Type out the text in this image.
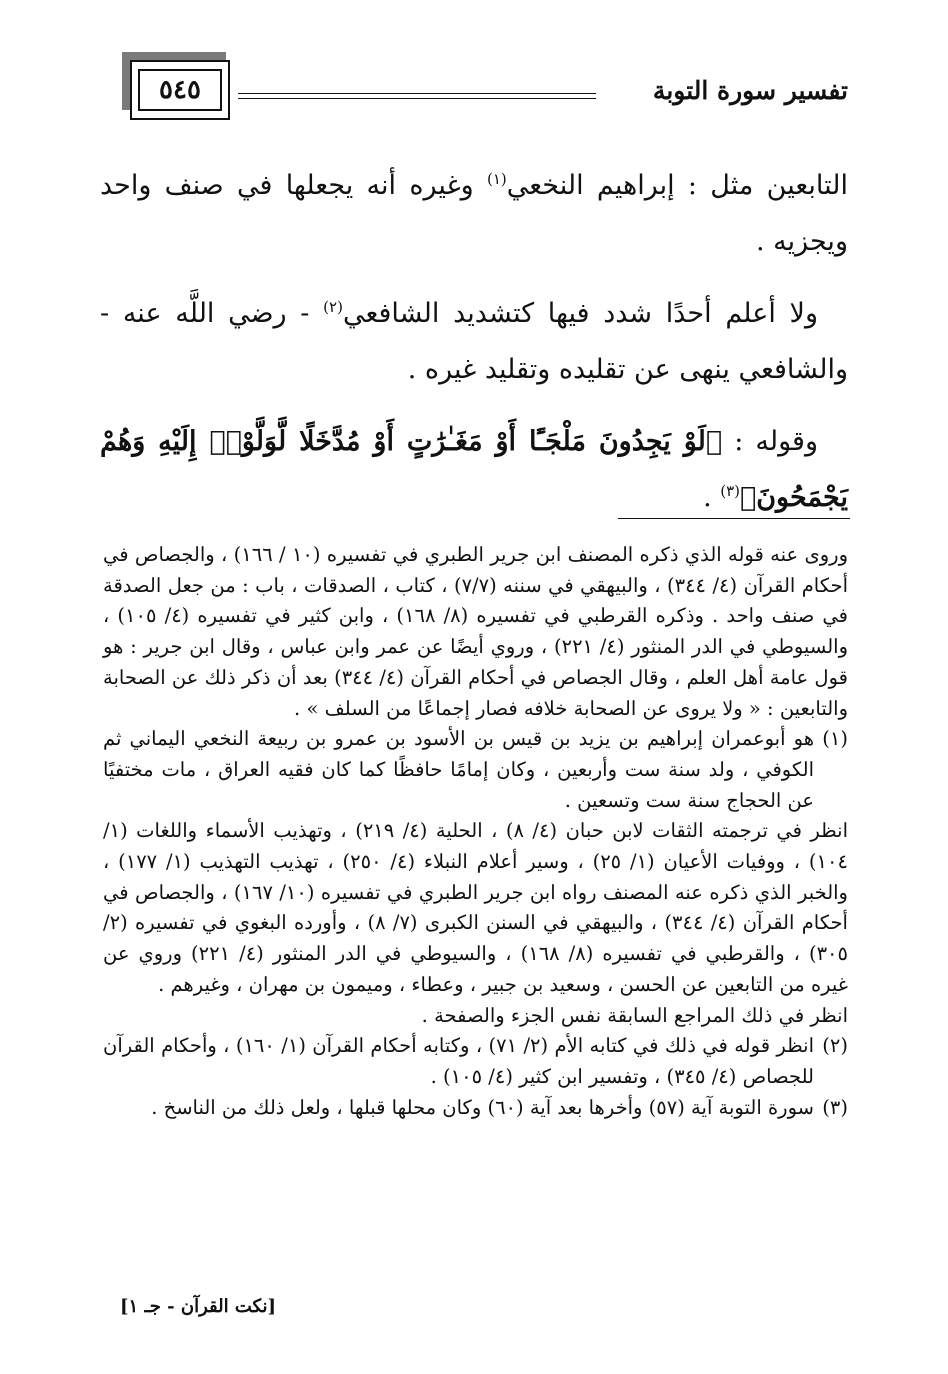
٥٤٥	تفسير سورة التوبة

التابعين مثل : إبراهيم النخعي$^{(١)}$ وغيره أنه يجعلها في صنف واحد ويجزيه .

ولا أعلم أحدًا شدد فيها كتشديد الشافعي$^{(٢)}$ - رضي اللَّه عنه - والشافعي ينهى عن تقليده وتقليد غيره .

وقوله : ﴿لَوْ يَجِدُونَ مَلْجَـًٔا أَوْ مَغَـٰرَٰتٍ أَوْ مُدَّخَلًا لَّوَلَّوْا۟ إِلَيْهِ وَهُمْ يَجْمَحُونَ﴾$^{(٣)}$ .

وروى عنه قوله الذي ذكره المصنف ابن جرير الطبري في تفسيره (١٠ / ١٦٦) ، والجصاص في أحكام القرآن (٤/ ٣٤٤) ، والبيهقي في سننه (٧/٧) ، كتاب ، الصدقات ، باب : من جعل الصدقة في صنف واحد . وذكره القرطبي في تفسيره (٨/ ١٦٨) ، وابن كثير في تفسيره (٤/ ١٠٥) ، والسيوطي في الدر المنثور (٤/ ٢٢١) ، وروي أيضًا عن عمر وابن عباس ، وقال ابن جرير : هو قول عامة أهل العلم ، وقال الجصاص في أحكام القرآن (٤/ ٣٤٤) بعد أن ذكر ذلك عن الصحابة والتابعين : « ولا يروى عن الصحابة خلافه فصار إجماعًا من السلف » .

(١)

هو أبوعمران إبراهيم بن يزيد بن قيس بن الأسود بن عمرو بن ربيعة النخعي اليماني ثم الكوفي ، ولد سنة ست وأربعين ، وكان إمامًا حافظًا كما كان فقيه العراق ، مات مختفيًا عن الحجاج سنة ست وتسعين .

انظر في ترجمته الثقات لابن حبان (٤/ ٨) ، الحلية (٤/ ٢١٩) ، وتهذيب الأسماء واللغات (١/ ١٠٤) ، ووفيات الأعيان (١/ ٢٥) ، وسير أعلام النبلاء (٤/ ٢٥٠) ، تهذيب التهذيب (١/ ١٧٧) ، والخبر الذي ذكره عنه المصنف رواه ابن جرير الطبري في تفسيره (١٠/ ١٦٧) ، والجصاص في أحكام القرآن (٤/ ٣٤٤) ، والبيهقي في السنن الكبرى (٧/ ٨) ، وأورده البغوي في تفسيره (٢/ ٣٠٥) ، والقرطبي في تفسيره (٨/ ١٦٨) ، والسيوطي في الدر المنثور (٤/ ٢٢١) وروي عن غيره من التابعين عن الحسن ، وسعيد بن جبير ، وعطاء ، وميمون بن مهران ، وغيرهم .

انظر في ذلك المراجع السابقة نفس الجزء والصفحة .

(٢)

انظر قوله في ذلك في كتابه الأم (٢/ ٧١) ، وكتابه أحكام القرآن (١/ ١٦٠) ، وأحكام القرآن للجصاص (٤/ ٣٤٥) ، وتفسير ابن كثير (٤/ ١٠٥) .

(٣)

سورة التوبة آية (٥٧) وأخرها بعد آية (٦٠) وكان محلها قبلها ، ولعل ذلك من الناسخ .

[نكت القرآن - جـ ١]
